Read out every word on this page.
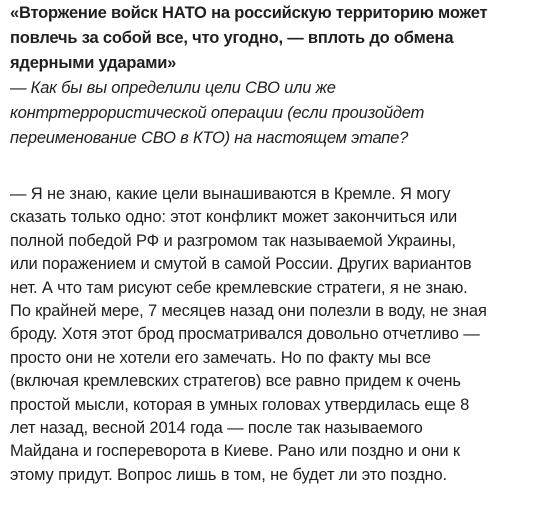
«Вторжение войск НАТО на российскую территорию может
повлечь за собой все, что угодно, — вплоть до обмена
ядерными ударами»

— Как бы вы определили цели СВО или же
контртеррористической операции (если произойдет
переименование СВО в КТО) на настоящем этапе?

— Я не знаю, какие цели вынашиваются в Кремле. Я могу
сказать только одно: этот конфликт может закончиться или
полной победой РФ и разгромом так называемой Украины,
или поражением и смутой в самой России. Других вариантов
нет. А что там рисуют себе кремлевские стратеги, я не знаю.
По крайней мере, 7 месяцев назад они полезли в воду, не зная
броду. Хотя этот брод просматривался довольно отчетливо —
просто они не хотели его замечать. Но по факту мы все
(включая кремлевских стратегов) все равно придем к очень
простой мысли, которая в умных головах утвердилась еще 8
лет назад, весной 2014 года — после так называемого
Майдана и госпереворота в Киеве. Рано или поздно и они к
этому придут. Вопрос лишь в том, не будет ли это поздно.
